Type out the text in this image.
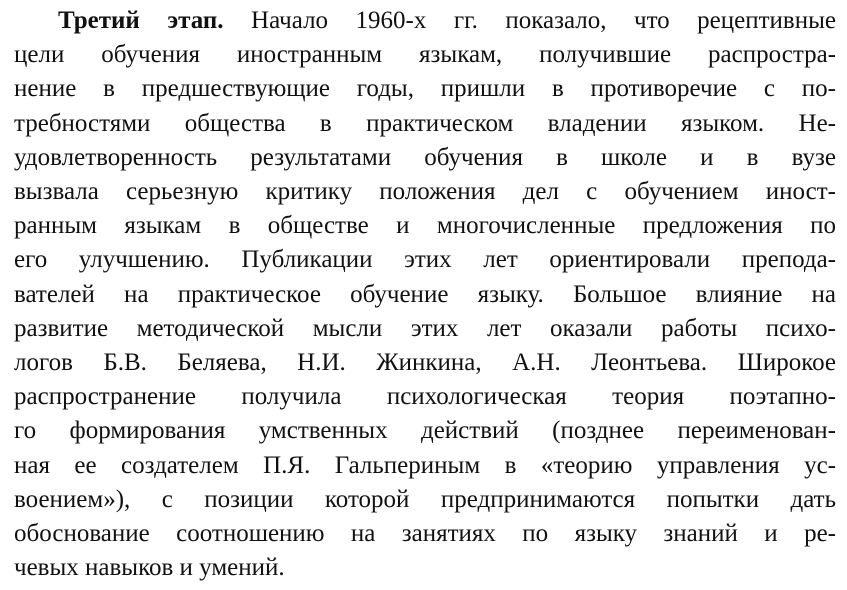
Третий этап. Начало 1960-х гг. показало, что рецептивные
цели обучения иностранным языкам, получившие распростра-
нение в предшествующие годы, пришли в противоречие с по-
требностями общества в практическом владении языком. Не-
удовлетворенность результатами обучения в школе и в вузе
вызвала серьезную критику положения дел с обучением иност-
ранным языкам в обществе и многочисленные предложения по
его улучшению. Публикации этих лет ориентировали препода-
вателей на практическое обучение языку. Большое влияние на
развитие методической мысли этих лет оказали работы психо-
логов Б.В. Беляева, Н.И. Жинкина, А.Н. Леонтьева. Широкое
распространение получила психологическая теория поэтапно-
го формирования умственных действий (позднее переименован-
ная ее создателем П.Я. Гальпериным в «теорию управления ус-
воением»), с позиции которой предпринимаются попытки дать
обоснование соотношению на занятиях по языку знаний и ре-
чевых навыков и умений.
